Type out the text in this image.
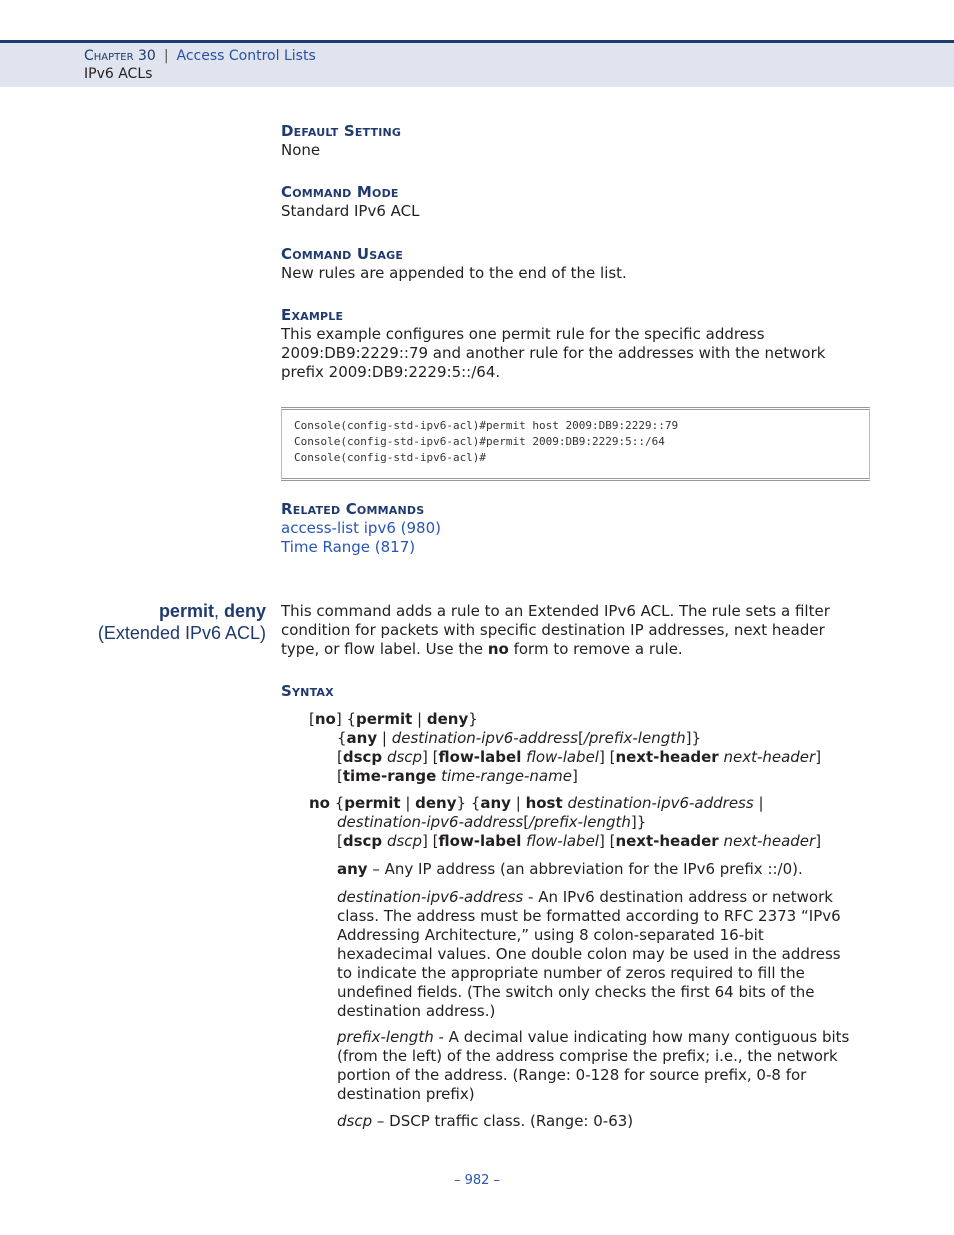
Chapter 30 | Access Control Lists
IPv6 ACLs
Default Setting
None
Command Mode
Standard IPv6 ACL
Command Usage
New rules are appended to the end of the list.
Example
This example configures one permit rule for the specific address
2009:DB9:2229::79 and another rule for the addresses with the network
prefix 2009:DB9:2229:5::/64.
Console(config-std-ipv6-acl)#permit host 2009:DB9:2229::79
Console(config-std-ipv6-acl)#permit 2009:DB9:2229:5::/64
Console(config-std-ipv6-acl)#
Related Commands
access-list ipv6 (980)
Time Range (817)
permit, deny
(Extended IPv6 ACL)
This command adds a rule to an Extended IPv6 ACL. The rule sets a filter
condition for packets with specific destination IP addresses, next header
type, or flow label. Use the no form to remove a rule.
Syntax
[no] {permit | deny}
{any | destination-ipv6-address[/prefix-length]}
[dscp dscp] [flow-label flow-label] [next-header next-header]
[time-range time-range-name]
no {permit | deny} {any | host destination-ipv6-address |
destination-ipv6-address[/prefix-length]}
[dscp dscp] [flow-label flow-label] [next-header next-header]
any – Any IP address (an abbreviation for the IPv6 prefix ::/0).
destination-ipv6-address - An IPv6 destination address or network
class. The address must be formatted according to RFC 2373 “IPv6
Addressing Architecture,” using 8 colon-separated 16-bit
hexadecimal values. One double colon may be used in the address
to indicate the appropriate number of zeros required to fill the
undefined fields. (The switch only checks the first 64 bits of the
destination address.)
prefix-length - A decimal value indicating how many contiguous bits
(from the left) of the address comprise the prefix; i.e., the network
portion of the address. (Range: 0-128 for source prefix, 0-8 for
destination prefix)
dscp – DSCP traffic class. (Range: 0-63)
– 982 –
